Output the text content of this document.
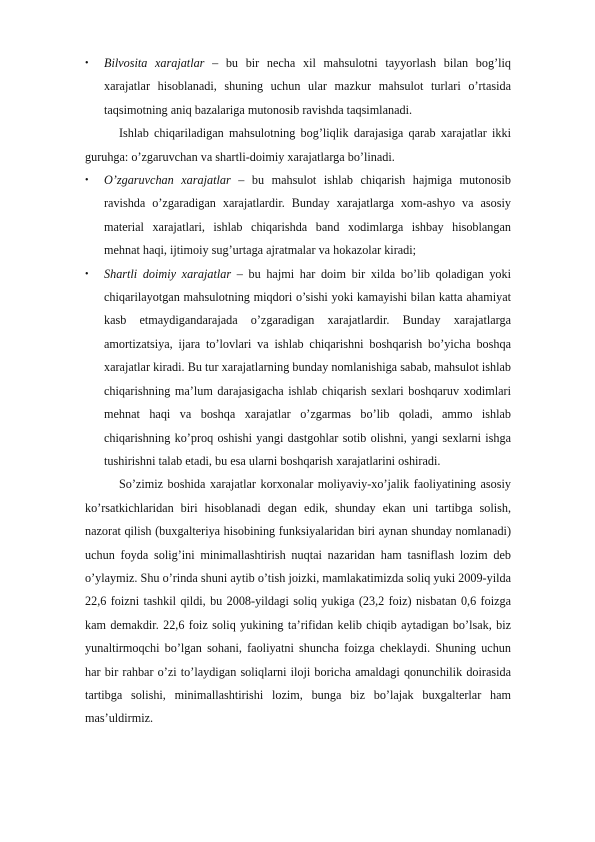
• Bilvosita xarajatlar – bu bir necha xil mahsulotni tayyorlash bilan bog’liq xarajatlar hisoblanadi, shuning uchun ular mazkur mahsulot turlari o’rtasida taqsimotning aniq bazalariga mutonosib ravishda taqsimlanadi.

Ishlab chiqariladigan mahsulotning bog’liqlik darajasiga qarab xarajatlar ikki guruhga: o’zgaruvchan va shartli-doimiy xarajatlarga bo’linadi.

• O’zgaruvchan xarajatlar – bu mahsulot ishlab chiqarish hajmiga mutonosib ravishda o’zgaradigan xarajatlardir. Bunday xarajatlarga xom-ashyo va asosiy material xarajatlari, ishlab chiqarishda band xodimlarga ishbay hisoblangan mehnat haqi, ijtimoiy sug’urtaga ajratmalar va hokazolar kiradi;

• Shartli doimiy xarajatlar – bu hajmi har doim bir xilda bo’lib qoladigan yoki chiqarilayotgan mahsulotning miqdori o’sishi yoki kamayishi bilan katta ahamiyat kasb etmaydigandarajada o’zgaradigan xarajatlardir. Bunday xarajatlarga amortizatsiya, ijara to’lovlari va ishlab chiqarishni boshqarish bo’yicha boshqa xarajatlar kiradi. Bu tur xarajatlarning bunday nomlanishiga sabab, mahsulot ishlab chiqarishning ma’lum darajasigacha ishlab chiqarish sexlari boshqaruv xodimlari mehnat haqi va boshqa xarajatlar o’zgarmas bo’lib qoladi, ammo ishlab chiqarishning ko’proq oshishi yangi dastgohlar sotib olishni, yangi sexlarni ishga tushirishni talab etadi, bu esa ularni boshqarish xarajatlarini oshiradi.

So’zimiz boshida xarajatlar korxonalar moliyaviy-xo’jalik faoliyatining asosiy ko’rsatkichlaridan biri hisoblanadi degan edik, shunday ekan uni tartibga solish, nazorat qilish (buxgalteriya hisobining funksiyalaridan biri aynan shunday nomlanadi) uchun foyda solig’ini minimallashtirish nuqtai nazaridan ham tasniflash lozim deb o’ylaymiz. Shu o’rinda shuni aytib o’tish joizki, mamlakatimizda soliq yuki 2009-yilda 22,6 foizni tashkil qildi, bu 2008-yildagi soliq yukiga (23,2 foiz) nisbatan 0,6 foizga kam demakdir. 22,6 foiz soliq yukining ta’rifidan kelib chiqib aytadigan bo’lsak, biz yunaltirmoqchi bo’lgan sohani, faoliyatni shuncha foizga cheklaydi. Shuning uchun har bir rahbar o’zi to’laydigan soliqlarni iloji boricha amaldagi qonunchilik doirasida tartibga solishi, minimallashtirishi lozim, bunga biz bo’lajak buxgalterlar ham mas’uldirmiz.
